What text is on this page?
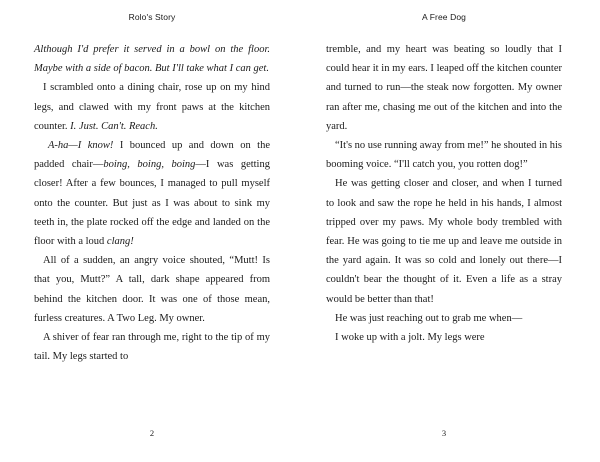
Rolo's Story

Although I'd prefer it served in a bowl on the floor. Maybe with a side of bacon. But I'll take what I can get.

I scrambled onto a dining chair, rose up on my hind legs, and clawed with my front paws at the kitchen counter. I. Just. Can't. Reach.

A-ha—I know! I bounced up and down on the padded chair—boing, boing, boing—I was getting closer! After a few bounces, I managed to pull myself onto the counter. But just as I was about to sink my teeth in, the plate rocked off the edge and landed on the floor with a loud clang!

All of a sudden, an angry voice shouted, “Mutt! Is that you, Mutt?” A tall, dark shape appeared from behind the kitchen door. It was one of those mean, furless creatures. A Two Leg. My owner.

A shiver of fear ran through me, right to the tip of my tail. My legs started to

2
A Free Dog

tremble, and my heart was beating so loudly that I could hear it in my ears. I leaped off the kitchen counter and turned to run—the steak now forgotten. My owner ran after me, chasing me out of the kitchen and into the yard.

“It's no use running away from me!” he shouted in his booming voice. “I'll catch you, you rotten dog!”

He was getting closer and closer, and when I turned to look and saw the rope he held in his hands, I almost tripped over my paws. My whole body trembled with fear. He was going to tie me up and leave me outside in the yard again. It was so cold and lonely out there—I couldn't bear the thought of it. Even a life as a stray would be better than that!

He was just reaching out to grab me when—

I woke up with a jolt. My legs were

3
